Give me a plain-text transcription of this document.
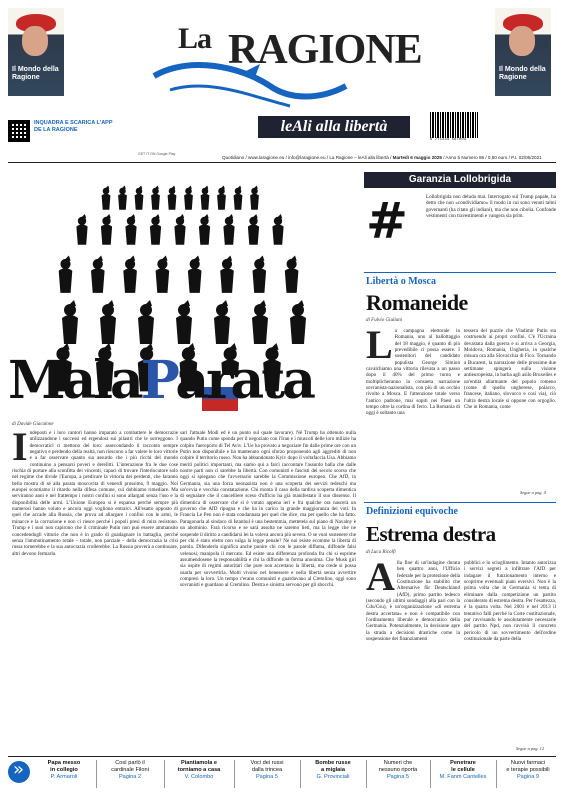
Il Mondo della Ragione
Il Mondo della Ragione
INQUADRA E SCARICA L'APP DE LA RAGIONE
GET IT ON Google Play
La RAGIONE
leAli alla libertà
9 771234 567003
Quotidiano / www.laragione.eu / info@laragione.eu / La Ragione – leAli alla libertà / Martedì 6 maggio 2025 / Anno 5 Numero 86 / 0,50 euro / P.I. 02/06/2021
MalaParata
di Davide Giacalone
Indeposti e i loro cantori hanno imparato a combattere le democrazie utilizzandone i successi ed ergendosi sui pilastri che le sorreggono. I democratici ci mettono del loro: assecondando il racconto sempre negativo e perdendo della realtà, non riescono a far valere le loro vittorie e a far osservare quanto sia assurdo che i più ricchi del mondo continuino a pensarsi poveri e derelitti. L'interazione fra le due cose rischia di portare alla sconfitta dei vincenti, capaci di trovare l'interlocutore solo nel regime che divide l'Europa, a predicare la vittoria dei perdenti, che faranno bella mostra di sé alla parata moscovita di venerdì prossimo, 9 maggio. Noi europei scontiamo il ritardo nella difesa comune, cui dobbiamo rimediare. Ma serviranno anni e nel frattempo i nostri confini si sono allargati senza l'uso e la disponibilità delle armi. L'Unione Europea si è espansa perché sempre più numerosi hanno voluto e ancora oggi vogliono entrarci. All'esatto opposto di quel che accade alla Russia, che prova ad allargare i confini con le armi, le minacce e la corruzione e non ci riesce perché i popoli presi di mira resistono. Trump e i suoi non capirono che il criminale Putin non può essere ammansito concedendogli vittorie che non è in grado di guadagnare in battaglia, perché senza l'ammutinamento totale – totale, non parziale – della democrazia la crisi russa tornerebbe e la sua autocrazia crollerebbe. La Russia proverà a continuare, altri devono fermarla.
sari l'attuale Modi ed è un punto sul quale lavorare). Né Trump ha ottenuto nulla quando Putin come sponda per il negoziato con l'Iran e i muscoli delle loro milizie ha colpito l'aeroporto di Tel Aviv. L'Ue ha provato a negoziare fin dalle prime ore con un Putin non disponibile e ha mantenuto ogni sforzo proponendo agli aggrediti di non colpire il territorio russo. Non ha abbandonato Kyiv dopo il voltafaccia Usa. Abbiamo meriti politici importanti, ma siamo qui a farci raccontare l'assurdo balla che dalle nostre parti non ci sarebbe la libertà. Con comunisti e fascisti del secolo scorso che oggi si spiegano che l'avversario sarebbe la Commissione europea. Che AfD, in Germania, sia una forza neonazista non è una scoperta dei servizi tedeschi ma un'ovvia e vecchia constatazione. Chi monta il caso della tardiva scoperta dimentica di segnalare che il cancelliere sceso d'ufficio ha già manifestato il suo dissenso. Il dimentica di osservare che si è votato appena ieri e fra qualche ora nascerà un governo che AfD ripugna e che ha in carico la grande maggioranza dei voti. In Francia Le Pen non è stata condannata per quel che dice, ma per quello che ha fatto. Paragonarla al sindaco di Istanbul è una bestemmia, mettetela sul piano di Navalny è un abominio. Farà ricorso e se sarà assolta ne saremo lieti, ma la legge che ne sospende il diritto a candidarsi lei la voleva ancora più severa. O se vuoi sostenere che per chi è stato eletto non valga la legge penale? Ne noi esiste ecomme la libertà di parola. Difenderla significa anche punire chi con le parole diffama, diffonde falsi velenosi, manipola il mercato. Ed esiste una differenza profonda fra chi si esprime assumendosene la responsabilità e chi la diffonde in forma anonima. Che Musk giri sia ospite di regimi autoritari che pure non accettano la libertà, ma crede si possa usarla per sovvertirla. Molti vivono nel benessere e nella libertà senza avvertire compresi la loro. Un tempo c'erano comunisti e guardavano al Cremlino, oggi sono sovranisti e guardano al Cremlino. Destra e sinistra servono per gli sbocchi.
Garanzia Lollobrigida
#	Lollobrigida non deluda mai. Interrogato sul Trump papale, ha detto che non «condividiamo» il modo in cui sono venuti talmi governanti (ha citato gli indiani), ma che non cibolia. Confonde vestimenti con travestimenti e vangera sia prim.
Libertà o Mosca
Romaneide
di Fulvio Giuliani
La campagna elettorale in Romania, uno al ballottaggio del 18 maggio, è quanto di più prevedibile ci possa essere. I sostenitori del candidato populista George Simion cavalchiamo una vittoria rilevata a un passo dopo il 40% del primo turno e moltiplicheranno la consueta narrazione sovranista-nazionalista, con più di un occhio rivolto a Mosca. E l'attenzione totale verso l'antico padrone, mai sopiti nei Paesi un tempo oltre la cortina di ferro. La Romania di oggi è soltanto una
tessera del puzzle che Vladimir Putin sta costruendo ai propri confini. C'è l'Ucraina devastata dalla guerra e si arriva a Georgia, Moldova, Romania, Ungheria, in qualche misura ora alla Slovacchia di Fico. Tornando a Bucarest, la narrazione delle prossime due settimane spingerà sulla visione antieuropeista, in barba agli asilo Bruxelles e un'entità allarmante del popolo romeno (come di quello ungherese, polacco, francese, italiano, slovacco e così via), ciò l'ultra destra locale si oppone con orgoglio. Che in Romania, come
Segue a pag. 4
Definizioni equivoche
Estrema destra
di Luca Ricolfi
Alla fine di un'indagine durata ben quattro anni, l'Ufficio federale per la protezione della Costituzione ha stabilito che Alternative für Deutschland (AfD), primo partito tedesco (secondo gli ultimi sondaggi) alla pari con la Cdu/Csu), è un'organizzazione «di estrema destra accertata» e non è compatibile con l'ordinamento liberale e democratico della Germania. Potenzialmente, la decisione apre la strada a decisioni drastiche come la sospensione dei finanziamenti
pubblici e lo scioglimento. Intanto autorizza i servizi segreti a infiltrare l'AfD per indagare il funzionamento interno e scoprirne eventuali piani eversivi. Non è la prima volta che in Germania si tenta di eliminare dalla competizione un partito considerato di estrema destra. Per l'esattezza, è la quarta volta. Nel 2001 e nel 2013 il tentativo fallì perché la Corte costituzionale, pur ravvisando le assolutamente necessarie del partito Npd, non ravvisò il concreto pericolo di un sovvertimento dell'ordine costituzionale da parte della
Segue a pag. 12
»
Papa messo
in collegio
P. Armaroli
Così parlò il
cardinale Filoni
Pagina 2
Piantiamola e
torniamo a casa
V. Colombo
Voci dei russi
dalla trincea
Pagina 5
Bombe russe
a miglaia
G. Provinciali
Numeri che
nessuno riporta
Pagina 5
Penetrare
le cellule
M. Fanm Cantelles
Nuovi farmaci
e terapie possibili
Pagina 9
